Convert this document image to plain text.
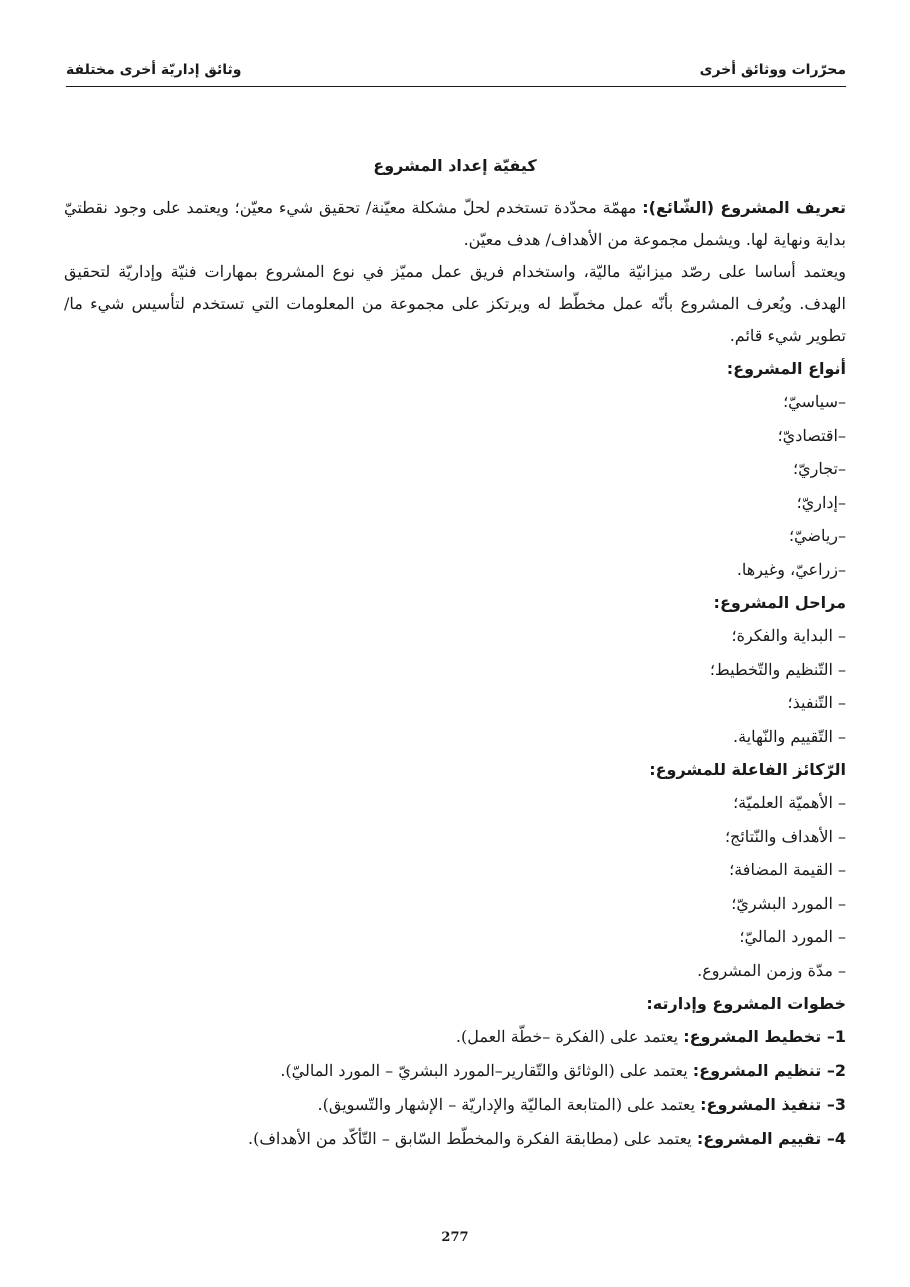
محرّرات ووثائق أخرى
وثائق إداريّة أخرى مختلفة
كيفيّة إعداد المشروع

تعريف المشروع (الشّائع): مهمّة محدّدة تستخدم لحلّ مشكلة معيّنة/ تحقيق شيء معيّن؛ ويعتمد على وجود نقطتيّ بداية ونهاية لها. ويشمل مجموعة من الأهداف/ هدف معيّن.

ويعتمد أساسا على رصّد ميزانيّة ماليّة، واستخدام فريق عمل مميّز في نوع المشروع بمهارات فنيّة وإداريّة لتحقيق الهدف. ويُعرف المشروع بأنّه عمل مخطّط له ويرتكز على مجموعة من المعلومات التي تستخدم لتأسيس شيء ما/ تطوير شيء قائم.

أنواع المشروع:

–سياسيّ؛
–اقتصاديّ؛
–تجاريّ؛
–إداريّ؛
–رياضيّ؛
–زراعيّ، وغيرها.

مراحل المشروع:

– البداية والفكرة؛
– التّنظيم والتّخطيط؛
– التّنفيذ؛
– التّقييم والنّهاية.

الرّكائز الفاعلة للمشروع:

– الأهميّة العلميّة؛
– الأهداف والنّتائج؛
– القيمة المضافة؛
– المورد البشريّ؛
– المورد الماليّ؛
– مدّة وزمن المشروع.

خطوات المشروع وإدارته:

1– تخطيط المشروع: يعتمد على (الفكرة –خطّة العمل).
2– تنظيم المشروع: يعتمد على (الوثائق والتّقارير–المورد البشريّ – المورد الماليّ).
3– تنفيذ المشروع: يعتمد على (المتابعة الماليّة والإداريّة – الإشهار والتّسويق).
4– تقييم المشروع: يعتمد على (مطابقة الفكرة والمخطّط السّابق – التّأكّد من الأهداف).
277
